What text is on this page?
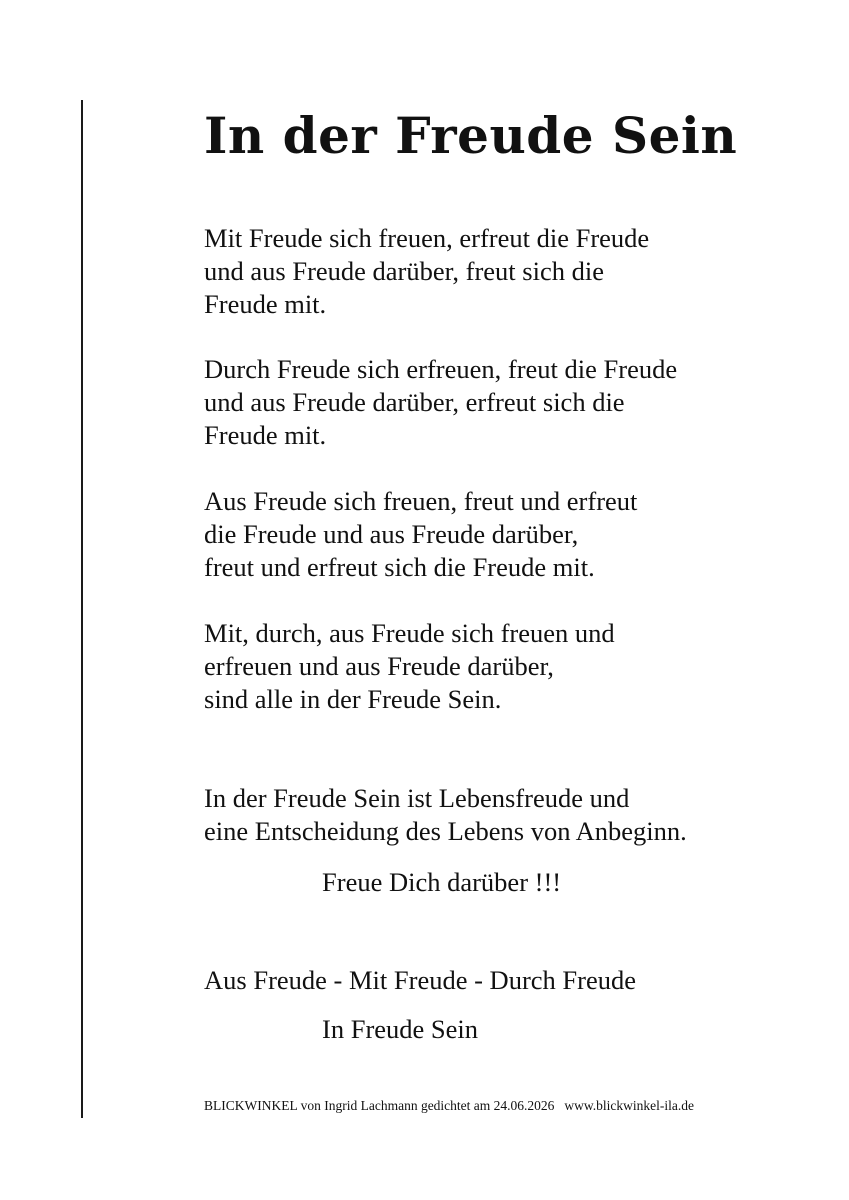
In der Freude Sein

Mit Freude sich freuen, erfreut die Freude
und aus Freude darüber, freut sich die
Freude mit.

Durch Freude sich erfreuen, freut die Freude
und aus Freude darüber, erfreut sich die
Freude mit.

Aus Freude sich freuen, freut und erfreut
die Freude und aus Freude darüber,
freut und erfreut sich die Freude mit.

Mit, durch, aus Freude sich freuen und
erfreuen und aus Freude darüber,
sind alle in der Freude Sein.

In der Freude Sein ist Lebensfreude und
eine Entscheidung des Lebens von Anbeginn.

Freue Dich darüber !!!

Aus Freude - Mit Freude - Durch Freude

In Freude Sein

BLICKWINKEL von Ingrid Lachmann gedichtet am 24.06.2026 www.blickwinkel-ila.de
